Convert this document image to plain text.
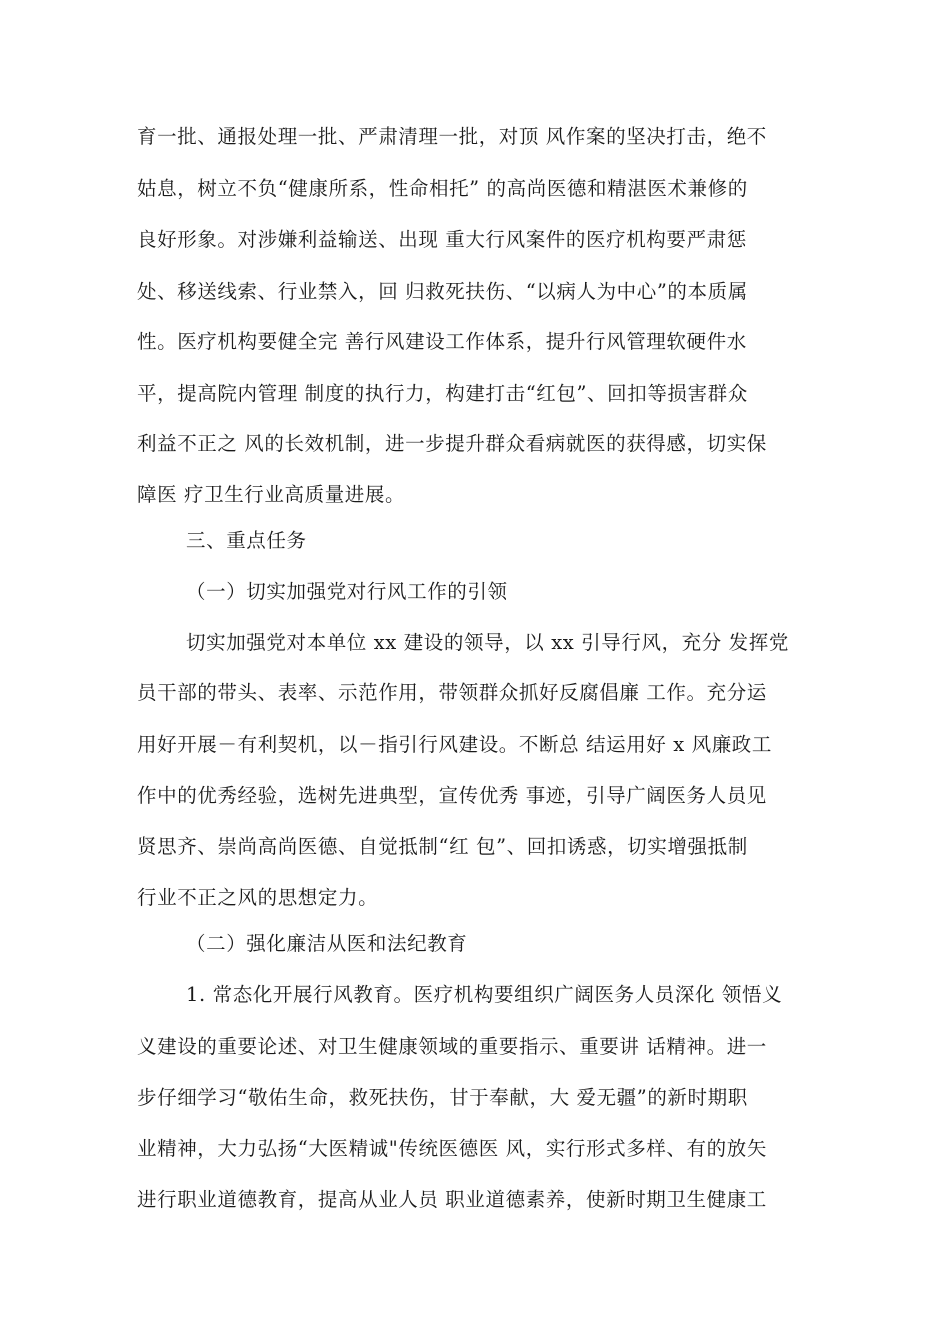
育一批、通报处理一批、严肃清理一批，对顶 风作案的坚决打击，绝不
姑息，树立不负“健康所系，性命相托” 的高尚医德和精湛医术兼修的
良好形象。对涉嫌利益输送、出现 重大行风案件的医疗机构要严肃惩
处、移送线索、行业禁入，回 归救死扶伤、“以病人为中心”的本质属
性。医疗机构要健全完 善行风建设工作体系，提升行风管理软硬件水
平，提高院内管理 制度的执行力，构建打击“红包”、回扣等损害群众
利益不正之 风的长效机制，进一步提升群众看病就医的获得感，切实保
障医 疗卫生行业高质量进展。
三、重点任务
（一）切实加强党对行风工作的引领
切实加强党对本单位 xx 建设的领导，以 xx 引导行风，充分 发挥党
员干部的带头、表率、示范作用，带领群众抓好反腐倡廉 工作。充分运
用好开展－有利契机，以－指引行风建设。不断总 结运用好 x 风廉政工
作中的优秀经验，选树先进典型，宣传优秀 事迹，引导广阔医务人员见
贤思齐、崇尚高尚医德、自觉抵制“红 包”、回扣诱惑，切实增强抵制
行业不正之风的思想定力。
（二）强化廉洁从医和法纪教育
1. 常态化开展行风教育。医疗机构要组织广阔医务人员深化 领悟义
义建设的重要论述、对卫生健康领域的重要指示、重要讲 话精神。进一
步仔细学习“敬佑生命，救死扶伤，甘于奉献，大 爱无疆”的新时期职
业精神，大力弘扬“大医精诚"传统医德医 风，实行形式多样、有的放矢
进行职业道德教育，提高从业人员 职业道德素养，使新时期卫生健康工
